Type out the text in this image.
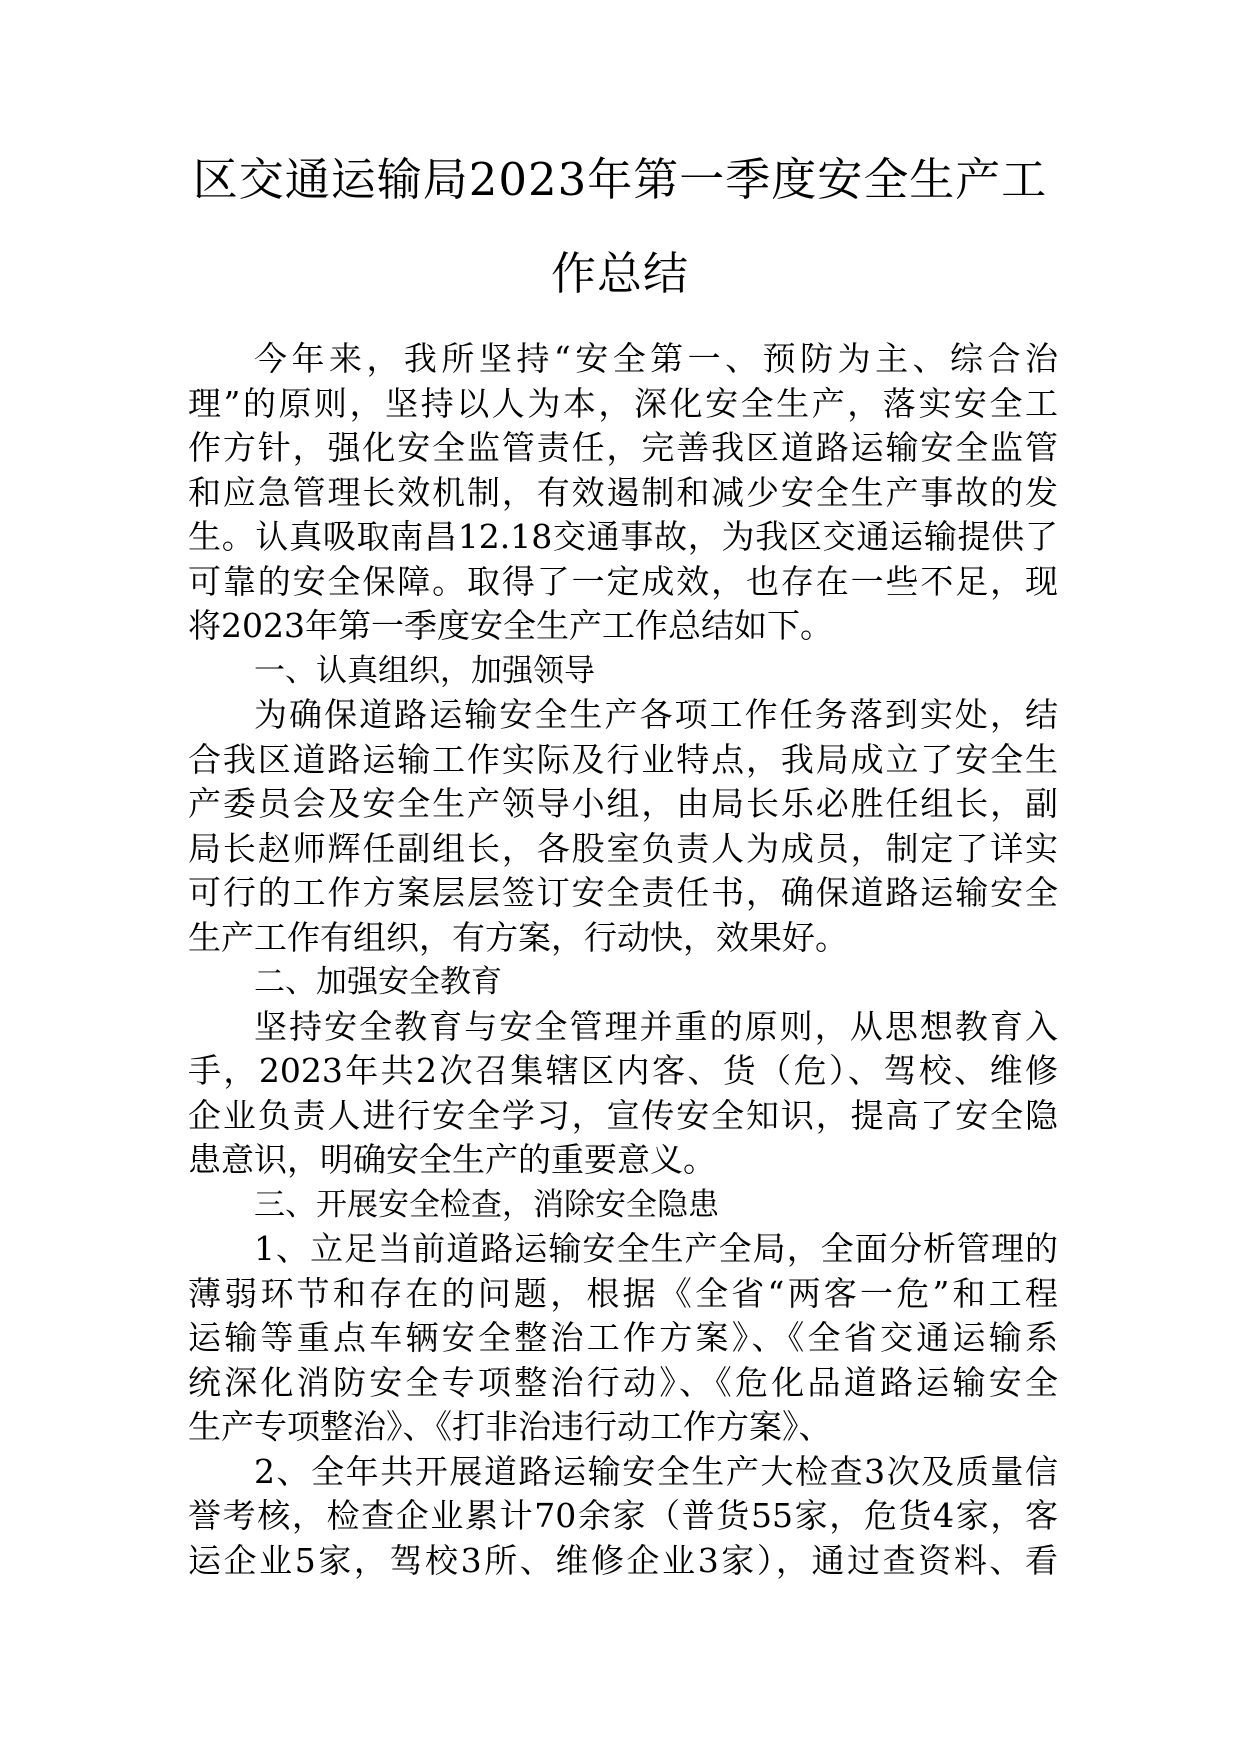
区交通运输局2023年第一季度安全生产工
作总结
今年来，我所坚持“安全第一、预防为主、综合治
理”的原则，坚持以人为本，深化安全生产，落实安全工
作方针，强化安全监管责任，完善我区道路运输安全监管
和应急管理长效机制，有效遏制和减少安全生产事故的发
生。认真吸取南昌12.18交通事故，为我区交通运输提供了
可靠的安全保障。取得了一定成效，也存在一些不足，现
将2023年第一季度安全生产工作总结如下。
一、认真组织，加强领导
为确保道路运输安全生产各项工作任务落到实处，结
合我区道路运输工作实际及行业特点，我局成立了安全生
产委员会及安全生产领导小组，由局长乐必胜任组长，副
局长赵师辉任副组长，各股室负责人为成员，制定了详实
可行的工作方案层层签订安全责任书，确保道路运输安全
生产工作有组织，有方案，行动快，效果好。
二、加强安全教育
坚持安全教育与安全管理并重的原则，从思想教育入
手，2023年共2次召集辖区内客、货（危）、驾校、维修
企业负责人进行安全学习，宣传安全知识，提高了安全隐
患意识，明确安全生产的重要意义。
三、开展安全检查，消除安全隐患
1、立足当前道路运输安全生产全局，全面分析管理的
薄弱环节和存在的问题，根据《全省“两客一危”和工程
运输等重点车辆安全整治工作方案》、《全省交通运输系
统深化消防安全专项整治行动》、《危化品道路运输安全
生产专项整治》、《打非治违行动工作方案》、
2、全年共开展道路运输安全生产大检查3次及质量信
誉考核，检查企业累计70余家（普货55家，危货4家，客
运企业5家，驾校3所、维修企业3家），通过查资料、看
